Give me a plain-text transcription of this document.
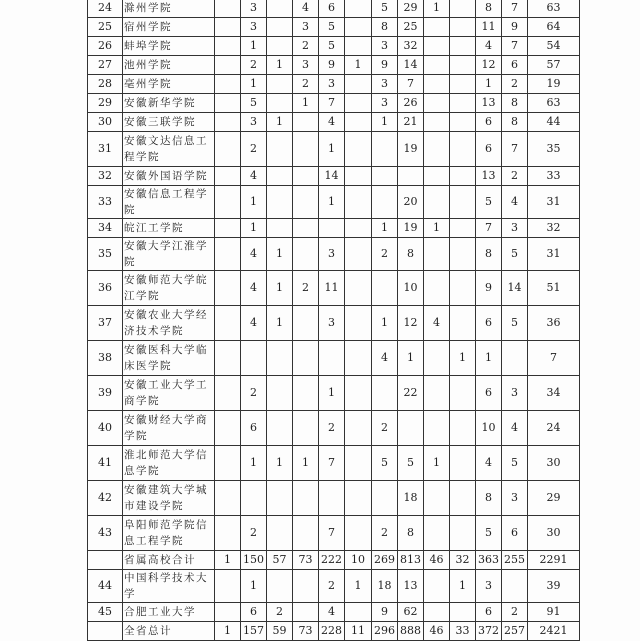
24	滁州学院		3		4	6		5	29	1		8	7	63
25	宿州学院		3		3	5		8	25			11	9	64
26	蚌埠学院		1		2	5		3	32			4	7	54
27	池州学院		2	1	3	9	1	9	14			12	6	57
28	亳州学院		1		2	3		3	7			1	2	19
29	安徽新华学院		5		1	7		3	26			13	8	63
30	安徽三联学院		3	1		4		1	21			6	8	44
31	安徽文达信息工程学院		2			1			19			6	7	35
32	安徽外国语学院		4			14						13	2	33
33	安徽信息工程学院		1			1			20			5	4	31
34	皖江工学院		1					1	19	1		7	3	32
35	安徽大学江淮学院		4	1		3		2	8			8	5	31
36	安徽师范大学皖江学院		4	1	2	11			10			9	14	51
37	安徽农业大学经济技术学院		4	1		3		1	12	4		6	5	36
38	安徽医科大学临床医学院							4	1		1	1		7
39	安徽工业大学工商学院		2			1			22			6	3	34
40	安徽财经大学商学院		6			2		2				10	4	24
41	淮北师范大学信息学院		1	1	1	7		5	5	1		4	5	30
42	安徽建筑大学城市建设学院								18			8	3	29
43	阜阳师范学院信息工程学院		2			7		2	8			5	6	30
	省属高校合计	1	150	57	73	222	10	269	813	46	32	363	255	2291
44	中国科学技术大学		1			2	1	18	13		1	3		39
45	合肥工业大学		6	2		4		9	62			6	2	91
	全省总计	1	157	59	73	228	11	296	888	46	33	372	257	2421
